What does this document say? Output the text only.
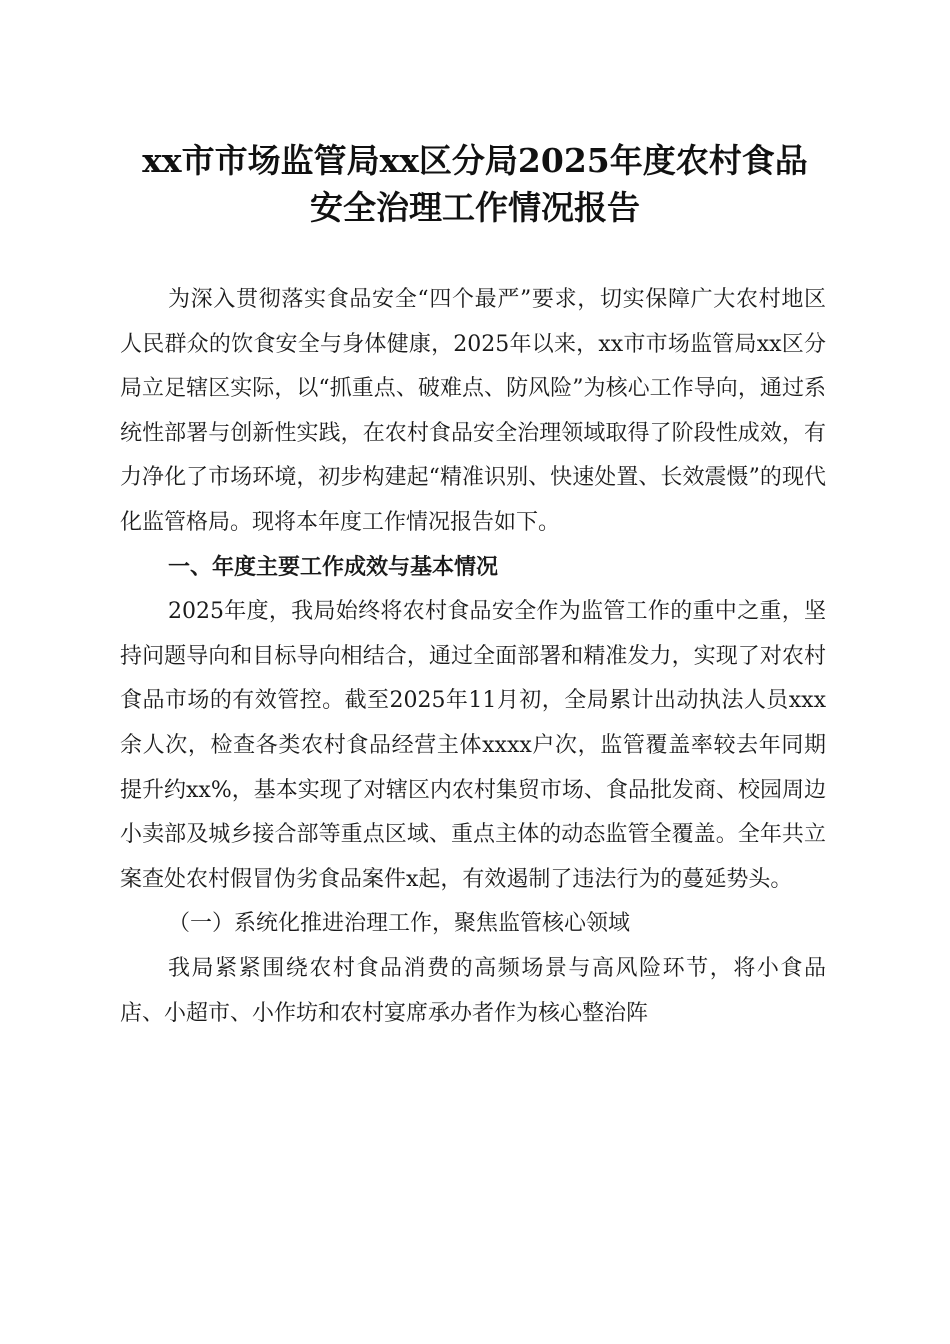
xx市市场监管局xx区分局2025年度农村食品
安全治理工作情况报告

为深入贯彻落实食品安全“四个最严”要求，切实保障广大农村地区人民群众的饮食安全与身体健康，2025年以来，xx市市场监管局xx区分局立足辖区实际，以“抓重点、破难点、防风险”为核心工作导向，通过系统性部署与创新性实践，在农村食品安全治理领域取得了阶段性成效，有力净化了市场环境，初步构建起“精准识别、快速处置、长效震慑”的现代化监管格局。现将本年度工作情况报告如下。

一、年度主要工作成效与基本情况

2025年度，我局始终将农村食品安全作为监管工作的重中之重，坚持问题导向和目标导向相结合，通过全面部署和精准发力，实现了对农村食品市场的有效管控。截至2025年11月初，全局累计出动执法人员xxx余人次，检查各类农村食品经营主体xxxx户次，监管覆盖率较去年同期提升约xx%，基本实现了对辖区内农村集贸市场、食品批发商、校园周边小卖部及城乡接合部等重点区域、重点主体的动态监管全覆盖。全年共立案查处农村假冒伪劣食品案件x起，有效遏制了违法行为的蔓延势头。

（一）系统化推进治理工作，聚焦监管核心领域

我局紧紧围绕农村食品消费的高频场景与高风险环节，将小食品店、小超市、小作坊和农村宴席承办者作为核心整治阵
